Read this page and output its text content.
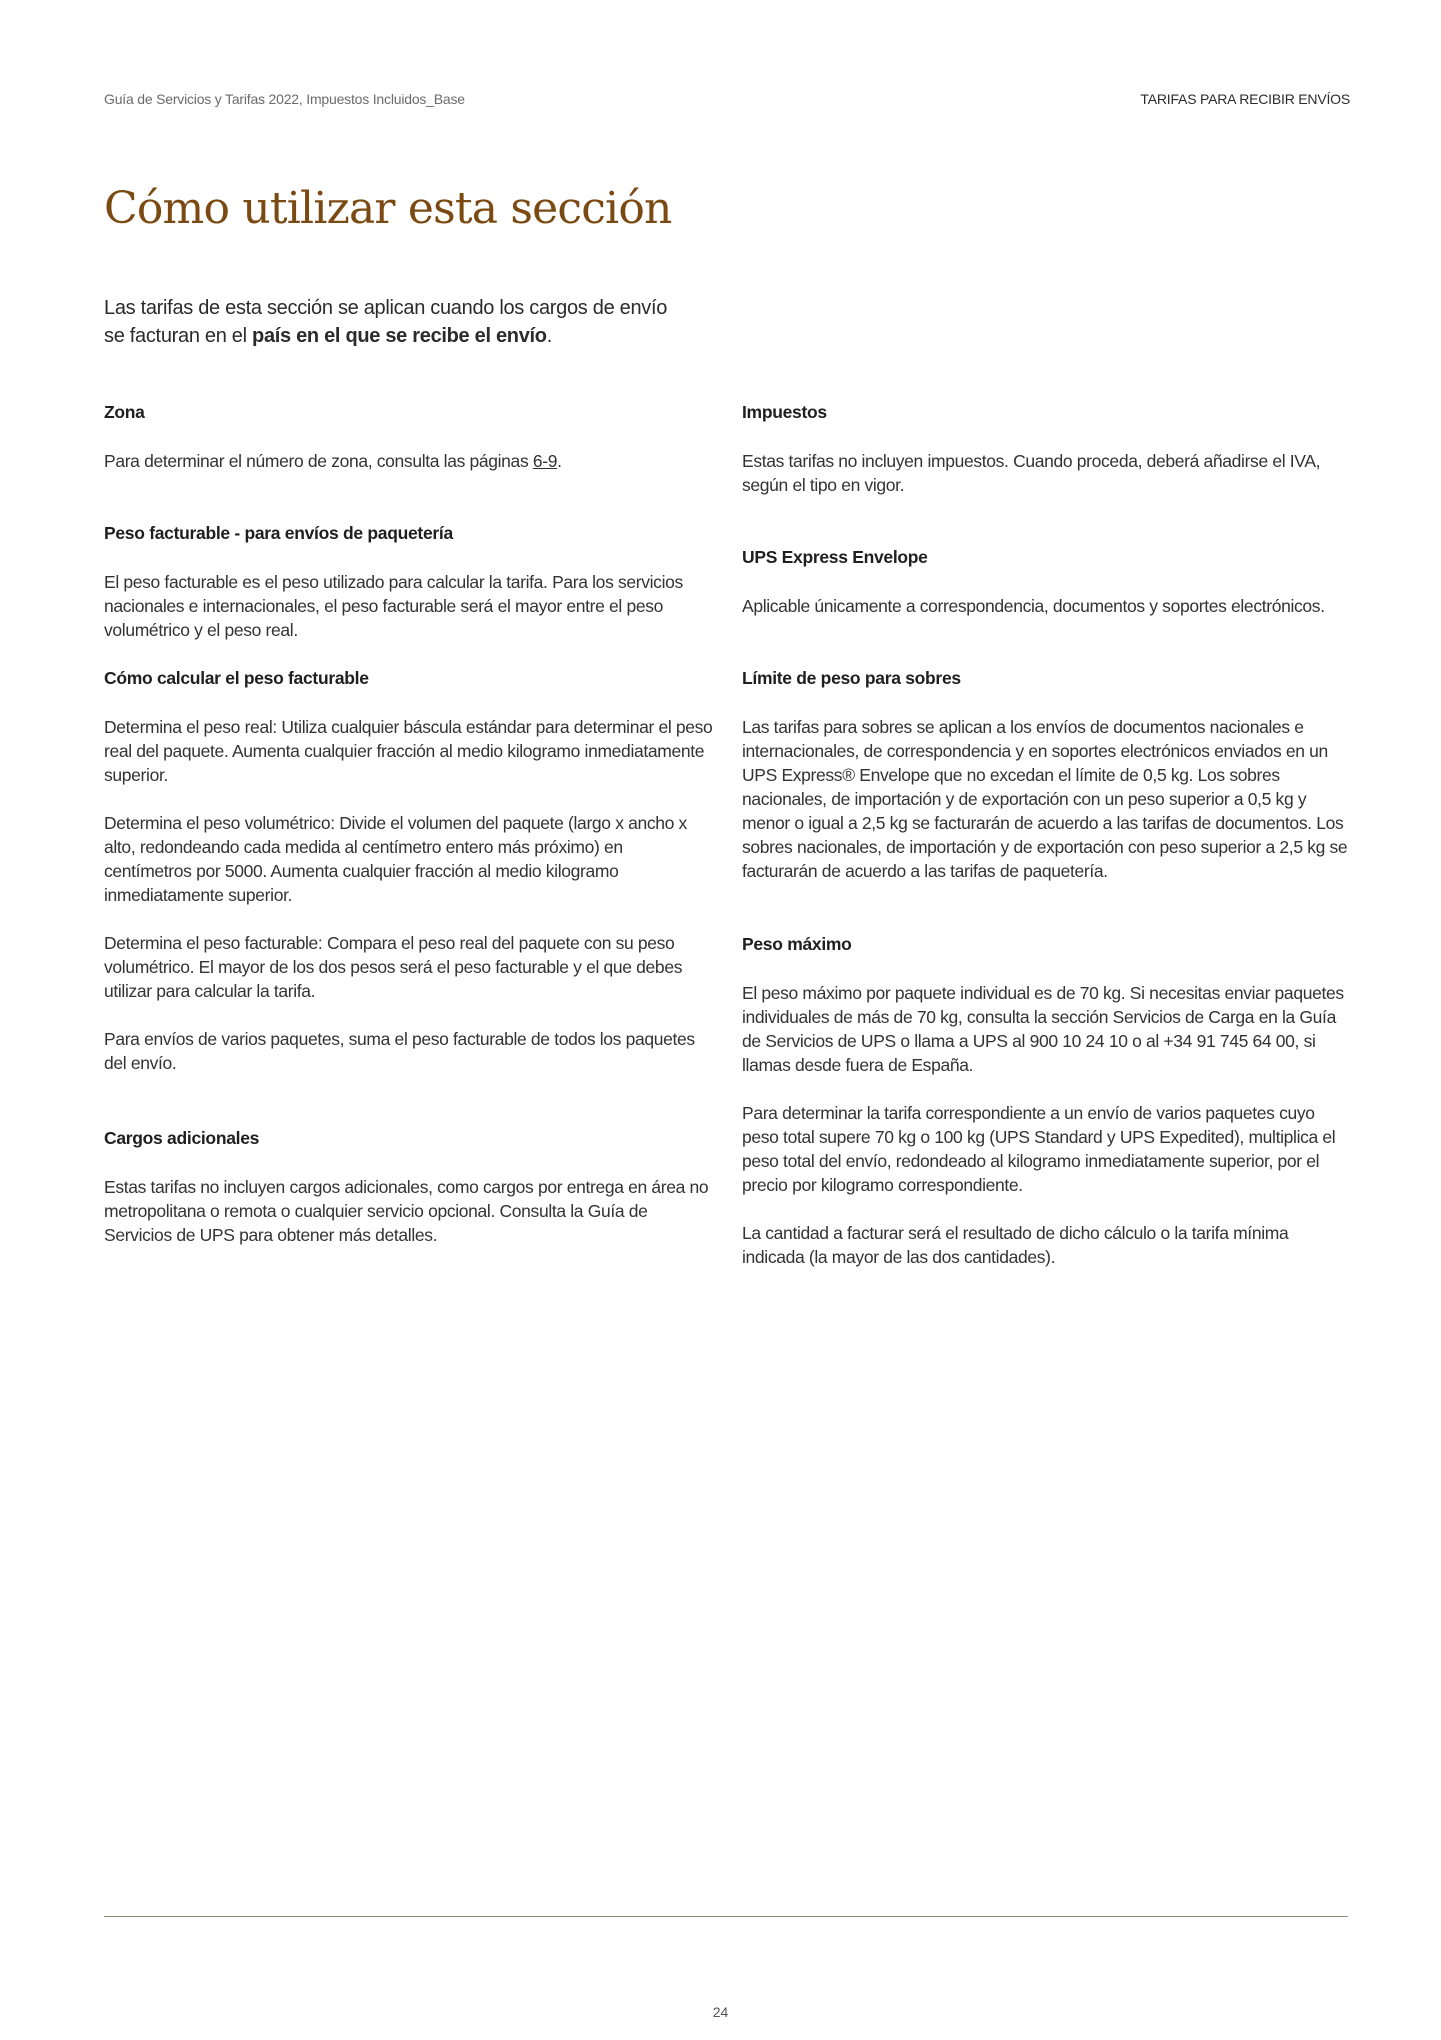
Guía de Servicios y Tarifas 2022, Impuestos Incluidos_Base	TARIFAS PARA RECIBIR ENVÍOS
Cómo utilizar esta sección
Las tarifas de esta sección se aplican cuando los cargos de envío
se facturan en el país en el que se recibe el envío.
Zona

Para determinar el número de zona, consulta las páginas 6-9.

Peso facturable - para envíos de paquetería

El peso facturable es el peso utilizado para calcular la tarifa. Para los servicios nacionales e internacionales, el peso facturable será el mayor entre el peso volumétrico y el peso real.

Cómo calcular el peso facturable

Determina el peso real: Utiliza cualquier báscula estándar para determinar el peso real del paquete. Aumenta cualquier fracción al medio kilogramo inmediatamente superior.

Determina el peso volumétrico: Divide el volumen del paquete (largo x ancho x alto, redondeando cada medida al centímetro entero más próximo) en centímetros por 5000. Aumenta cualquier fracción al medio kilogramo inmediatamente superior.

Determina el peso facturable: Compara el peso real del paquete con su peso volumétrico. El mayor de los dos pesos será el peso facturable y el que debes utilizar para calcular la tarifa.

Para envíos de varios paquetes, suma el peso facturable de todos los paquetes del envío.

Cargos adicionales

Estas tarifas no incluyen cargos adicionales, como cargos por entrega en área no metropolitana o remota o cualquier servicio opcional. Consulta la Guía de Servicios de UPS para obtener más detalles.

Impuestos

Estas tarifas no incluyen impuestos. Cuando proceda, deberá añadirse el IVA, según el tipo en vigor.

UPS Express Envelope

Aplicable únicamente a correspondencia, documentos y soportes electrónicos.

Límite de peso para sobres

Las tarifas para sobres se aplican a los envíos de documentos nacionales e internacionales, de correspondencia y en soportes electrónicos enviados en un UPS Express® Envelope que no excedan el límite de 0,5 kg. Los sobres nacionales, de importación y de exportación con un peso superior a 0,5 kg y menor o igual a 2,5 kg se facturarán de acuerdo a las tarifas de documentos. Los sobres nacionales, de importación y de exportación con peso superior a 2,5 kg se facturarán de acuerdo a las tarifas de paquetería.

Peso máximo

El peso máximo por paquete individual es de 70 kg. Si necesitas enviar paquetes individuales de más de 70 kg, consulta la sección Servicios de Carga en la Guía de Servicios de UPS o llama a UPS al 900 10 24 10 o al +34 91 745 64 00, si llamas desde fuera de España.

Para determinar la tarifa correspondiente a un envío de varios paquetes cuyo peso total supere 70 kg o 100 kg (UPS Standard y UPS Expedited), multiplica el peso total del envío, redondeado al kilogramo inmediatamente superior, por el precio por kilogramo correspondiente.

La cantidad a facturar será el resultado de dicho cálculo o la tarifa mínima indicada (la mayor de las dos cantidades).

24
